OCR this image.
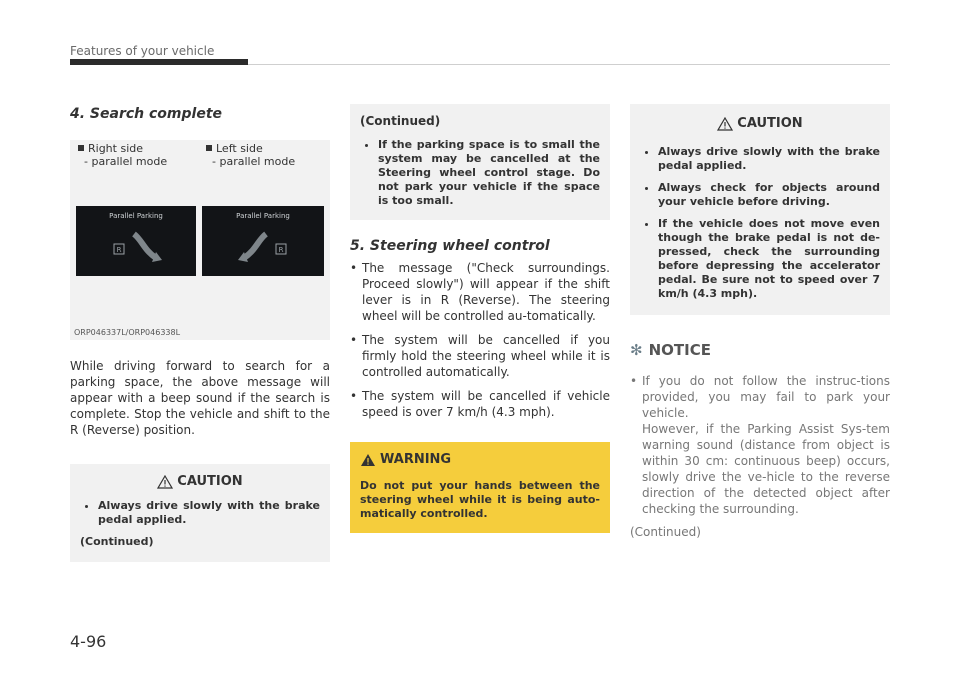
Features of your vehicle
4. Search complete
Right side
- parallel mode
Left side
- parallel mode
Parallel Parking
R
Parallel Parking
R
ORP046337L/ORP046338L

While driving forward to search for a parking space, the above message will appear with a beep sound if the search is complete. Stop the vehicle and shift to the R (Reverse) position.

CAUTION
• Always drive slowly with the brake pedal applied.
(Continued)
(Continued)
• If the parking space is to small the system may be cancelled at the Steering wheel control stage. Do not park your vehicle if the space is too small.
5. Steering wheel control
• The message ("Check surroundings. Proceed slowly") will appear if the shift lever is in R (Reverse). The steering wheel will be controlled au-tomatically.
• The system will be cancelled if you firmly hold the steering wheel while it is controlled automatically.
• The system will be cancelled if vehicle speed is over 7 km/h (4.3 mph).
WARNING

Do not put your hands between the steering wheel while it is being auto-matically controlled.

CAUTION
• Always drive slowly with the brake pedal applied.
• Always check for objects around your vehicle before driving.
• If the vehicle does not move even though the brake pedal is not de-pressed, check the surrounding before depressing the accelerator pedal. Be sure not to speed over 7 km/h (4.3 mph).
✻ NOTICE
• If you do not follow the instruc-tions provided, you may fail to park your vehicle.
However, if the Parking Assist Sys-tem warning sound (distance from object is within 30 cm: continuous beep) occurs, slowly drive the ve-hicle to the reverse direction of the detected object after checking the surrounding.
(Continued)
4-96
